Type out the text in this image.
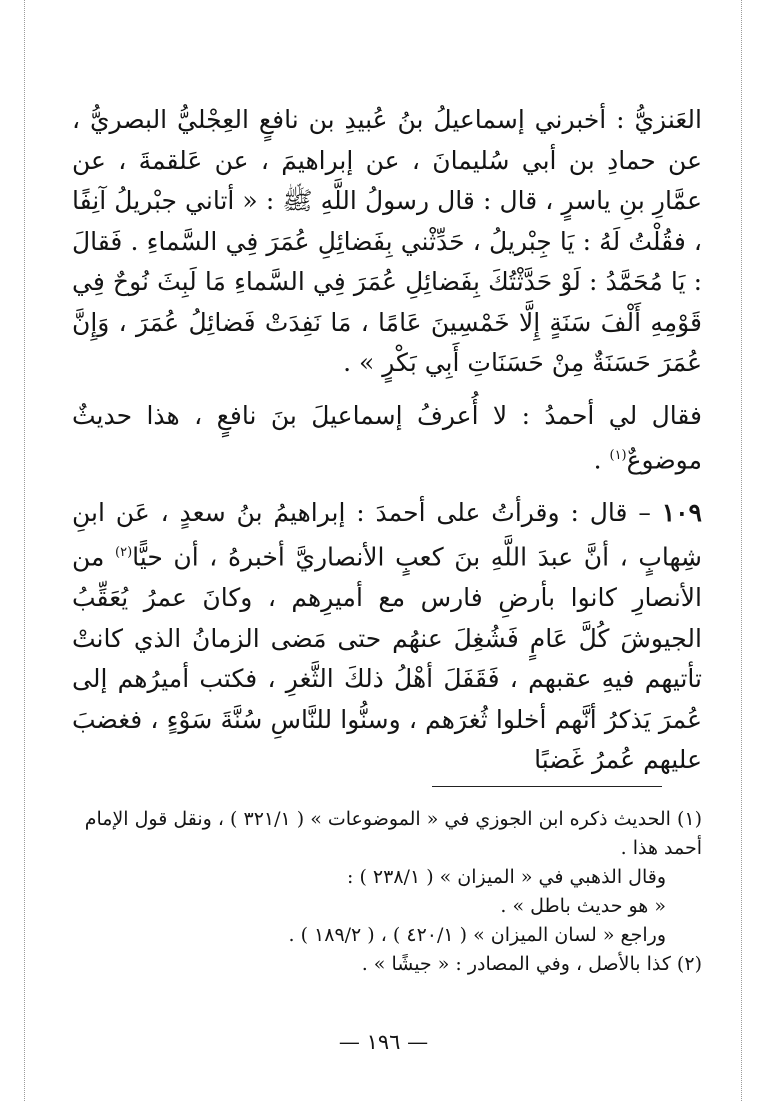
العَنزيُّ : أخبرني إسماعيلُ بنُ عُبيدِ بن نافعٍ العِجْليُّ البصريُّ ، عن حمادِ بن أبي سُليمانَ ، عن إبراهيمَ ، عن عَلقمةَ ، عن عمَّارِ بنِ ياسرٍ ، قال : قال رسولُ اللَّهِ ﷺ : « أتاني جبْريلُ آنِفًا ، فقُلْتُ لَهُ : يَا جِبْريلُ ، حَدِّثْني بِفَضائِلِ عُمَرَ فِي السَّماءِ . فَقالَ : يَا مُحَمَّدُ : لَوْ حَدَّثْتُكَ بِفَضائِلِ عُمَرَ فِي السَّماءِ مَا لَبِثَ نُوحٌ فِي قَوْمِهِ أَلْفَ سَنَةٍ إِلَّا خَمْسِينَ عَامًا ، مَا نَفِدَتْ فَضائِلُ عُمَرَ ، وَإِنَّ عُمَرَ حَسَنَةٌ مِنْ حَسَنَاتِ أَبِي بَكْرٍ » .

فقال لي أحمدُ : لا أُعرفُ إسماعيلَ بنَ نافعٍ ، هذا حديثٌ موضوعٌ$^{(١)}$ .

١٠٩ – قال : وقرأتُ على أحمدَ : إبراهيمُ بنُ سعدٍ ، عَن ابنِ شِهابٍ ، أنَّ عبدَ اللَّهِ بنَ كعبٍ الأنصاريَّ أخبرهُ ، أن حيًّا$^{(٢)}$ من الأنصارِ كانوا بأرضِ فارس مع أميرِهم ، وكانَ عمرُ يُعَقِّبُ الجيوشَ كُلَّ عَامٍ فَشُغِلَ عنهُم حتى مَضى الزمانُ الذي كانتْ تأتيهم فيهِ عقبهم ، فَقَفَلَ أهْلُ ذلكَ الثَّغرِ ، فكتب أميرُهم إلى عُمرَ يَذكرُ أنَّهم أخلوا ثُغرَهم ، وسنُّوا للنَّاسِ سُنَّةَ سَوْءٍ ، فغضبَ عليهم عُمرُ غَضبًا

(١) الحديث ذكره ابن الجوزي في « الموضوعات » ( ٣٢١/١ ) ، ونقل قول الإمام أحمد هذا .

وقال الذهبي في « الميزان » ( ٢٣٨/١ ) :

« هو حديث باطل » .

وراجع « لسان الميزان » ( ٤٢٠/١ ) ، ( ١٨٩/٢ ) .

(٢) كذا بالأصل ، وفي المصادر : « جيشًا » .

— ١٩٦ —
